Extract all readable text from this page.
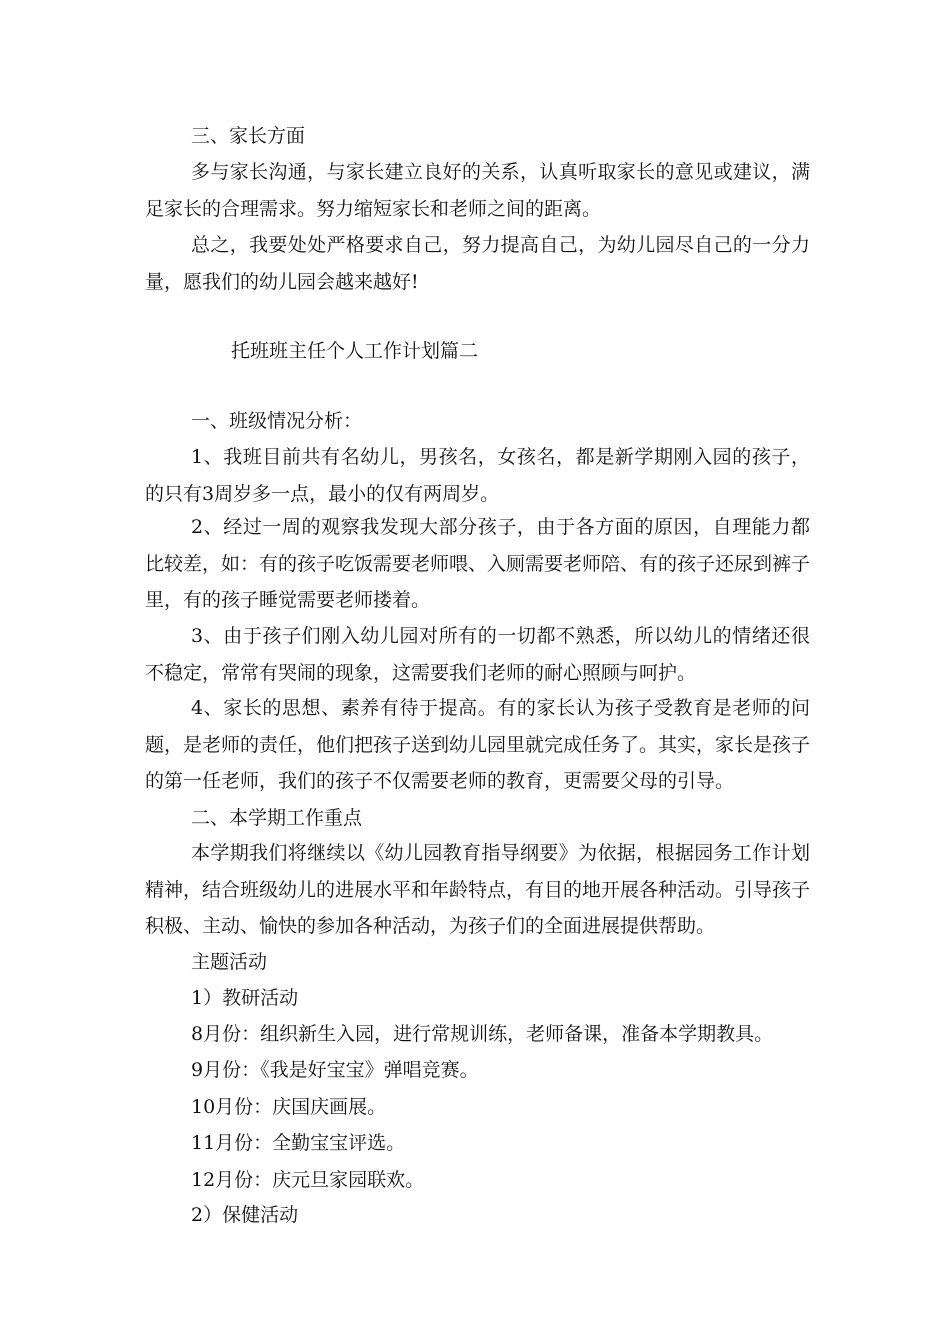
三、家长方面

多与家长沟通，与家长建立良好的关系，认真听取家长的意见或建议，满足家长的合理需求。努力缩短家长和老师之间的距离。

总之，我要处处严格要求自己，努力提高自己，为幼儿园尽自己的一分力量，愿我们的幼儿园会越来越好!

托班班主任个人工作计划篇二

一、班级情况分析：

1、我班目前共有名幼儿，男孩名，女孩名，都是新学期刚入园的孩子，的只有3周岁多一点，最小的仅有两周岁。

2、经过一周的观察我发现大部分孩子，由于各方面的原因，自理能力都比较差，如：有的孩子吃饭需要老师喂、入厕需要老师陪、有的孩子还尿到裤子里，有的孩子睡觉需要老师搂着。

3、由于孩子们刚入幼儿园对所有的一切都不熟悉，所以幼儿的情绪还很不稳定，常常有哭闹的现象，这需要我们老师的耐心照顾与呵护。

4、家长的思想、素养有待于提高。有的家长认为孩子受教育是老师的问题，是老师的责任，他们把孩子送到幼儿园里就完成任务了。其实，家长是孩子的第一任老师，我们的孩子不仅需要老师的教育，更需要父母的引导。

二、本学期工作重点

本学期我们将继续以《幼儿园教育指导纲要》为依据，根据园务工作计划精神，结合班级幼儿的进展水平和年龄特点，有目的地开展各种活动。引导孩子积极、主动、愉快的参加各种活动，为孩子们的全面进展提供帮助。

主题活动

1）教研活动

8月份：组织新生入园，进行常规训练，老师备课，准备本学期教具。

9月份：《我是好宝宝》弹唱竞赛。

10月份：庆国庆画展。

11月份：全勤宝宝评选。

12月份：庆元旦家园联欢。

2）保健活动
